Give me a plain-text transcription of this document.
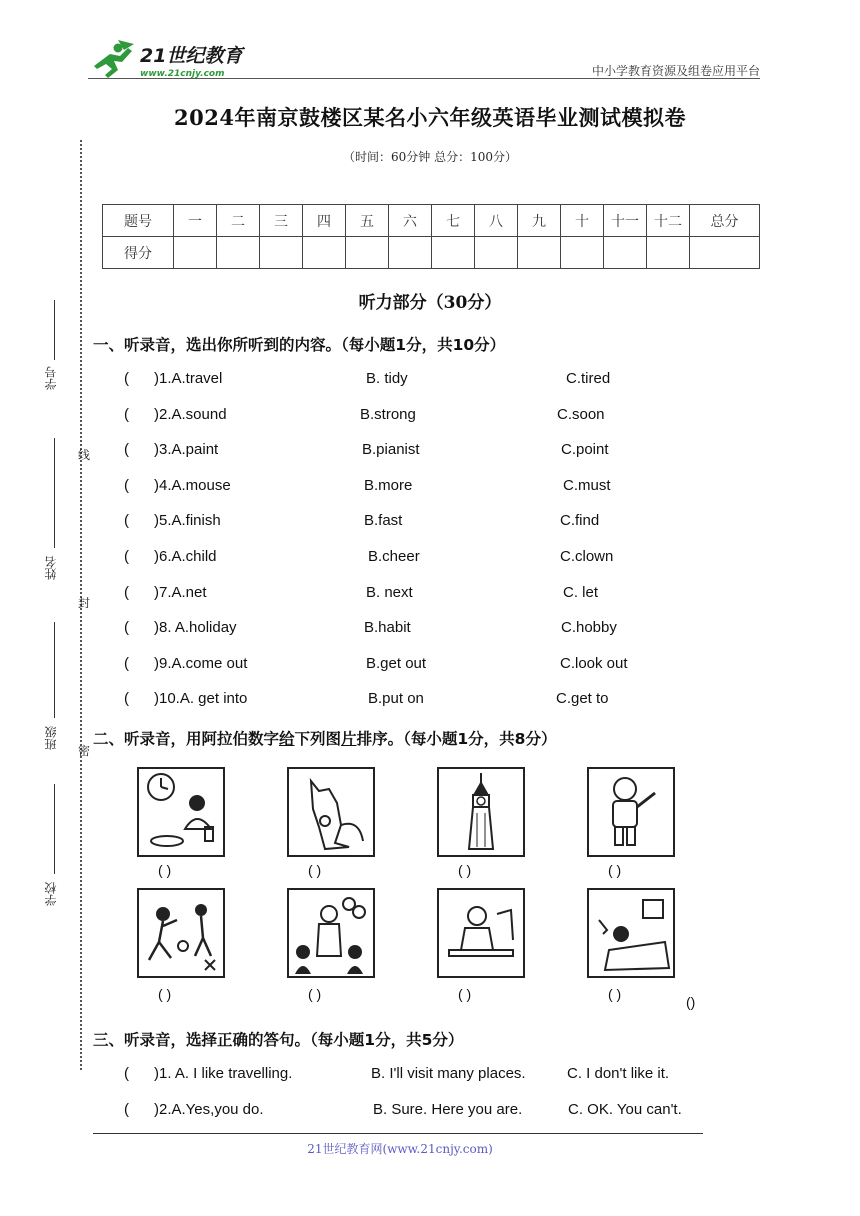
21世纪教育
www.21cnjy.com	中小学教育资源及组卷应用平台
2024年南京鼓楼区某名小六年级英语毕业测试模拟卷
（时间：60分钟 总分：100分）
题号	一	二	三	四	五	六	七	八	九	十	十一	十二	总分
得分													
学号
姓名
班级
学校
线
封
密
听力部分（30分）
一、听录音，选出你所听到的内容。（每小题1分，共10分）
( )1.A.travel	B. tidy	C.tired
( )2.A.sound	B.strong	C.soon
( )3.A.paint	B.pianist	C.point
( )4.A.mouse	B.more	C.must
( )5.A.finish	B.fast	C.find
( )6.A.child	B.cheer	C.clown
( )7.A.net	B. next	C. let
( )8. A.holiday	B.habit	C.hobby
( )9.A.come out	B.get out	C.look out
( )10.A. get into	B.put on	C.get to
二、听录音，用阿拉伯数字给下列图片排序。（每小题1分，共8分）
( )	( )	( )	( )
( )	( )	( )	( )	()
三、听录音，选择正确的答句。（每小题1分，共5分）
( )1. A. I like travelling.	B. I'll visit many places.	C. I don't like it.
( )2.A.Yes,you do.	B. Sure. Here you are.	C. OK. You can't.
21世纪教育网(www.21cnjy.com)
